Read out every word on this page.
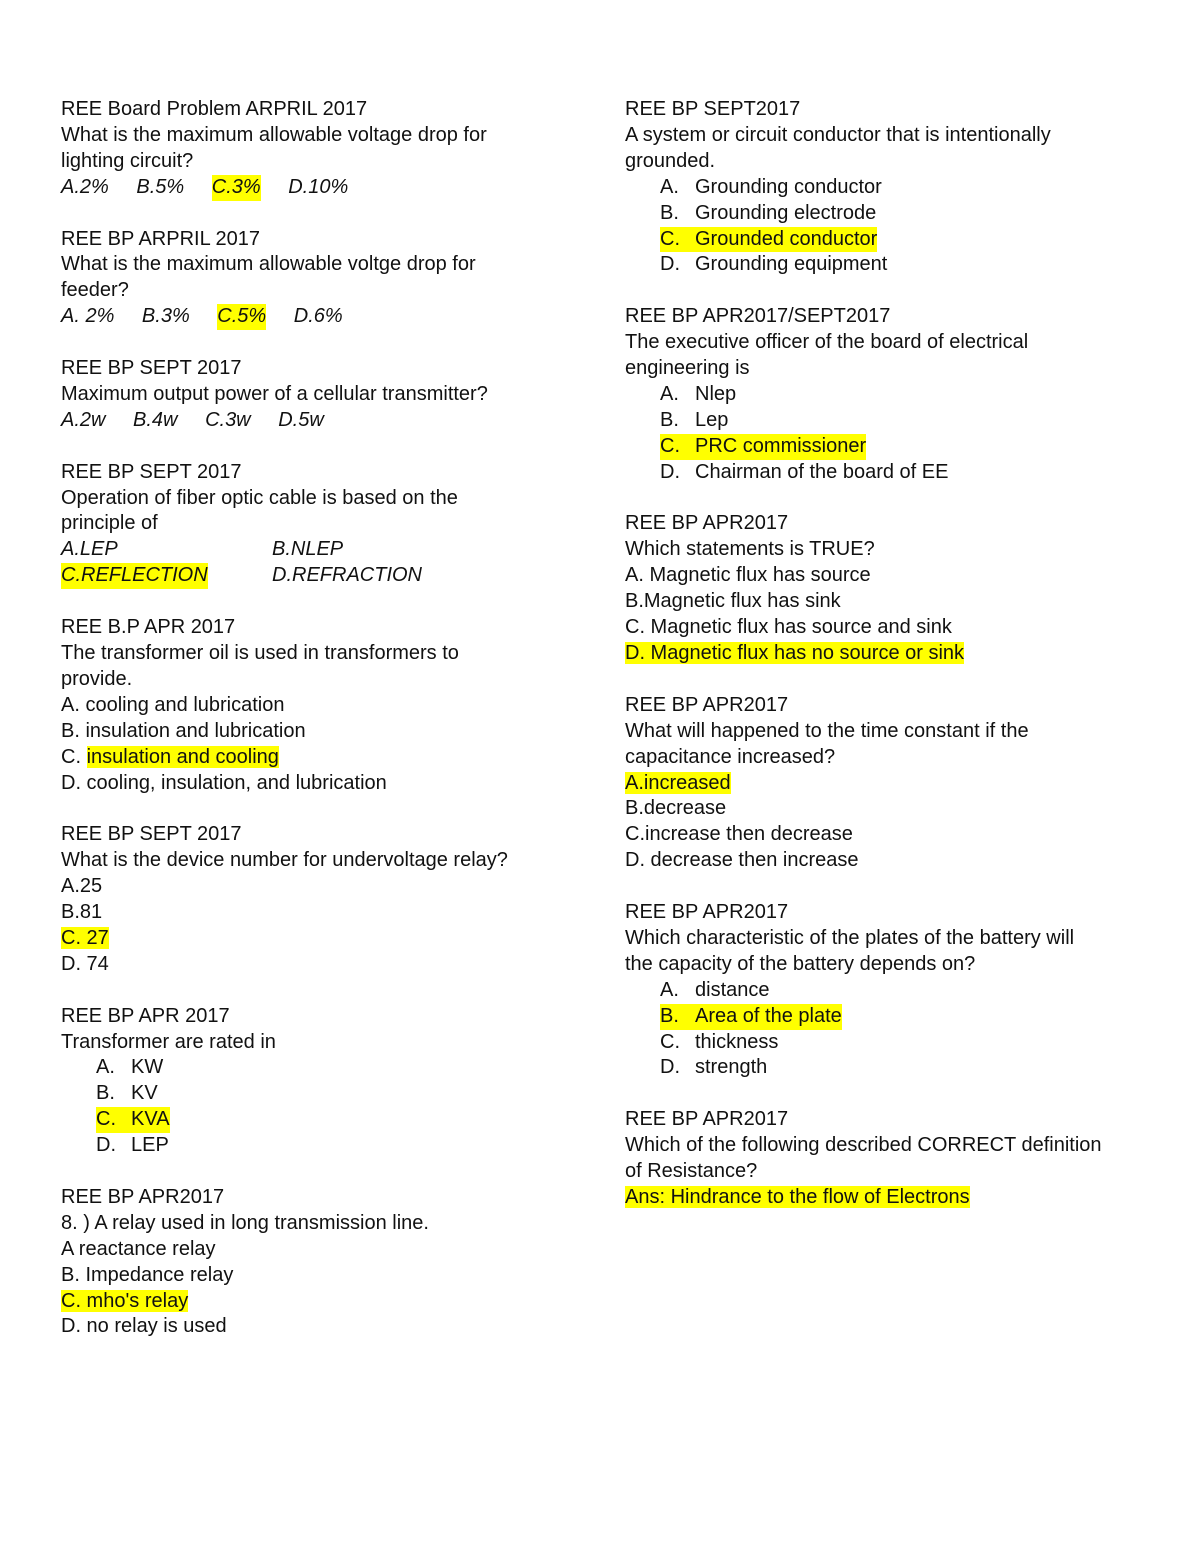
REE Board Problem ARPRIL 2017
What is the maximum allowable voltage drop for
lighting circuit?
A.2% B.5% C.3% D.10%
REE BP ARPRIL 2017
What is the maximum allowable voltge drop for
feeder?
A. 2% B.3% C.5% D.6%
REE BP SEPT 2017
Maximum output power of a cellular transmitter?
A.2w B.4w C.3w D.5w
REE BP SEPT 2017
Operation of fiber optic cable is based on the
principle of
A.LEP	B.NLEP
C.REFLECTION	D.REFRACTION
REE B.P APR 2017
The transformer oil is used in transformers to
provide.
A. cooling and lubrication
B. insulation and lubrication
C. insulation and cooling
D. cooling, insulation, and lubrication
REE BP SEPT 2017
What is the device number for undervoltage relay?
A.25
B.81
C. 27
D. 74
REE BP APR 2017
Transformer are rated in
A. KW
B. KV
C. KVA
D. LEP
REE BP APR2017
8. ) A relay used in long transmission line.
A reactance relay
B. Impedance relay
C. mho's relay
D. no relay is used
REE BP SEPT2017
A system or circuit conductor that is intentionally
grounded.
A. Grounding conductor
B. Grounding electrode
C. Grounded conductor
D. Grounding equipment
REE BP APR2017/SEPT2017
The executive officer of the board of electrical
engineering is
A. Nlep
B. Lep
C. PRC commissioner
D. Chairman of the board of EE
REE BP APR2017
Which statements is TRUE?
A. Magnetic flux has source
B.Magnetic flux has sink
C. Magnetic flux has source and sink
D. Magnetic flux has no source or sink
REE BP APR2017
What will happened to the time constant if the
capacitance increased?
A.increased
B.decrease
C.increase then decrease
D. decrease then increase
REE BP APR2017
Which characteristic of the plates of the battery will
the capacity of the battery depends on?
A. distance
B. Area of the plate
C. thickness
D. strength
REE BP APR2017
Which of the following described CORRECT definition
of Resistance?
Ans: Hindrance to the flow of Electrons
